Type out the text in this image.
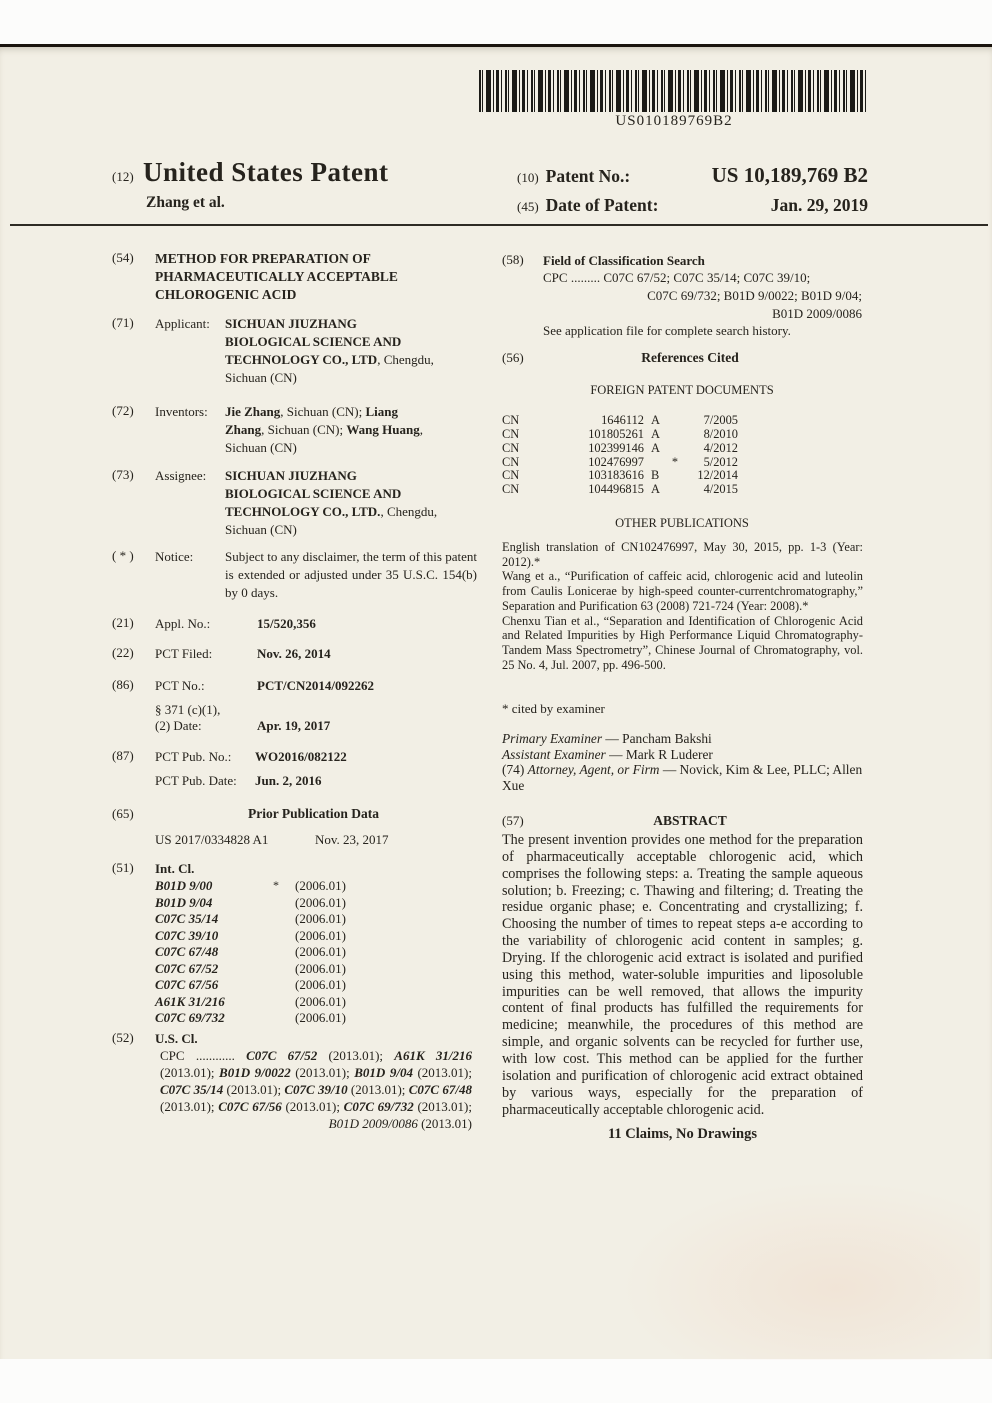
US010189769B2
(12) United States Patent
Zhang et al.
(10) Patent No.:	US 10,189,769 B2
(45) Date of Patent:	Jan. 29, 2019
(54) METHOD FOR PREPARATION OF PHARMACEUTICALLY ACCEPTABLE CHLOROGENIC ACID
(71) Applicant: SICHUAN JIUZHANG
BIOLOGICAL SCIENCE AND
TECHNOLOGY CO., LTD, Chengdu,
Sichuan (CN)
(72) Inventors: Jie Zhang, Sichuan (CN); Liang
Zhang, Sichuan (CN); Wang Huang,
Sichuan (CN)
(73) Assignee: SICHUAN JIUZHANG
BIOLOGICAL SCIENCE AND
TECHNOLOGY CO., LTD., Chengdu,
Sichuan (CN)
( * ) Notice: Subject to any disclaimer, the term of this patent is extended or adjusted under 35 U.S.C. 154(b) by 0 days.
(21) Appl. No.:	15/520,356
(22) PCT Filed:	Nov. 26, 2014
(86) PCT No.:	PCT/CN2014/092262
§ 371 (c)(1),
(2) Date:	Apr. 19, 2017
(87) PCT Pub. No.: WO2016/082122
PCT Pub. Date: Jun. 2, 2016
(65)	Prior Publication Data
US 2017/0334828 A1	Nov. 23, 2017
(51) Int. Cl.
B01D 9/00	*	(2006.01)
B01D 9/04	(2006.01)
C07C 35/14	(2006.01)
C07C 39/10	(2006.01)
C07C 67/48	(2006.01)
C07C 67/52	(2006.01)
C07C 67/56	(2006.01)
A61K 31/216	(2006.01)
C07C 69/732	(2006.01)
(52) U.S. Cl.
CPC ............ C07C 67/52 (2013.01); A61K 31/216 (2013.01); B01D 9/0022 (2013.01); B01D 9/04 (2013.01); C07C 35/14 (2013.01); C07C 39/10 (2013.01); C07C 67/48 (2013.01); C07C 67/56 (2013.01); C07C 69/732 (2013.01); B01D 2009/0086 (2013.01)
(58) Field of Classification Search
CPC ......... C07C 67/52; C07C 35/14; C07C 39/10;
C07C 69/732; B01D 9/0022; B01D 9/04;
B01D 2009/0086
See application file for complete search history.
(56)	References Cited
FOREIGN PATENT DOCUMENTS
CN	1646112 A	7/2005
CN	101805261 A	8/2010
CN	102399146 A	4/2012
CN	102476997	*	5/2012
CN	103183616 B	12/2014
CN	104496815 A	4/2015
OTHER PUBLICATIONS

English translation of CN102476997, May 30, 2015, pp. 1-3 (Year: 2012).*

Wang et a., “Purification of caffeic acid, chlorogenic acid and luteolin from Caulis Lonicerae by high-speed counter-currentchromatography,” Separation and Purification 63 (2008) 721-724 (Year: 2008).*

Chenxu Tian et al., “Separation and Identification of Chlorogenic Acid and Related Impurities by High Performance Liquid Chromatography-Tandem Mass Spectrometry”, Chinese Journal of Chromatography, vol. 25 No. 4, Jul. 2007, pp. 496-500.

* cited by examiner
Primary Examiner — Pancham Bakshi
Assistant Examiner — Mark R Luderer
(74) Attorney, Agent, or Firm — Novick, Kim & Lee, PLLC; Allen Xue
(57)	ABSTRACT
The present invention provides one method for the preparation of pharmaceutically acceptable chlorogenic acid, which comprises the following steps: a. Treating the sample aqueous solution; b. Freezing; c. Thawing and filtering; d. Treating the residue organic phase; e. Concentrating and crystallizing; f. Choosing the number of times to repeat steps a-e according to the variability of chlorogenic acid content in samples; g. Drying. If the chlorogenic acid extract is isolated and purified using this method, water-soluble impurities and liposoluble impurities can be well removed, that allows the impurity content of final products has fulfilled the requirements for medicine; meanwhile, the procedures of this method are simple, and organic solvents can be recycled for further use, with low cost. This method can be applied for the further isolation and purification of chlorogenic acid extract obtained by various ways, especially for the preparation of pharmaceutically acceptable chlorogenic acid.
11 Claims, No Drawings
